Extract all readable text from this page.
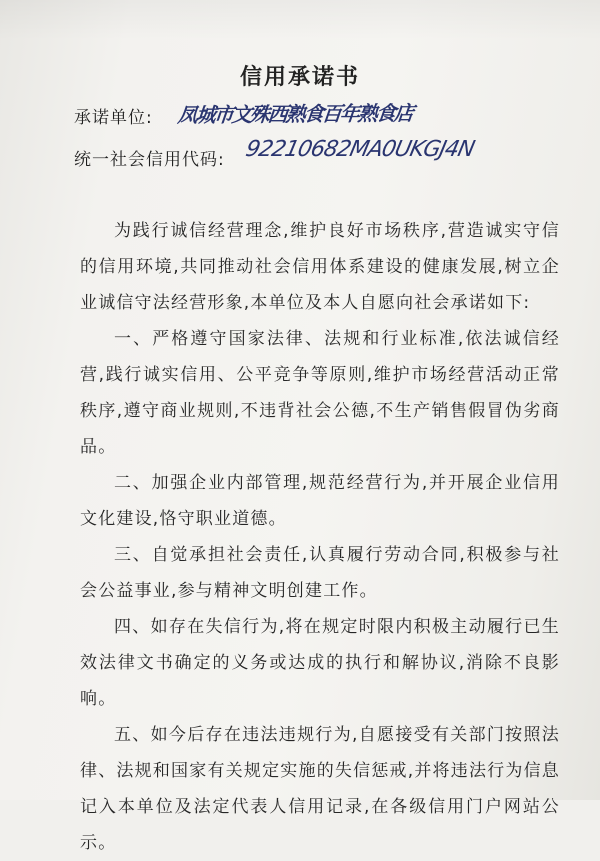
信用承诺书
承诺单位: 凤城市文殊西熟食百年熟食店
统一社会信用代码: 92210682MA0UKGJ4N

为践行诚信经营理念,维护良好市场秩序,营造诚实守信的信用环境,共同推动社会信用体系建设的健康发展,树立企业诚信守法经营形象,本单位及本人自愿向社会承诺如下:

一、严格遵守国家法律、法规和行业标准,依法诚信经营,践行诚实信用、公平竞争等原则,维护市场经营活动正常秩序,遵守商业规则,不违背社会公德,不生产销售假冒伪劣商品。

二、加强企业内部管理,规范经营行为,并开展企业信用文化建设,恪守职业道德。

三、自觉承担社会责任,认真履行劳动合同,积极参与社会公益事业,参与精神文明创建工作。

四、如存在失信行为,将在规定时限内积极主动履行已生效法律文书确定的义务或达成的执行和解协议,消除不良影响。

五、如今后存在违法违规行为,自愿接受有关部门按照法律、法规和国家有关规定实施的失信惩戒,并将违法行为信息记入本单位及法定代表人信用记录,在各级信用门户网站公示。
